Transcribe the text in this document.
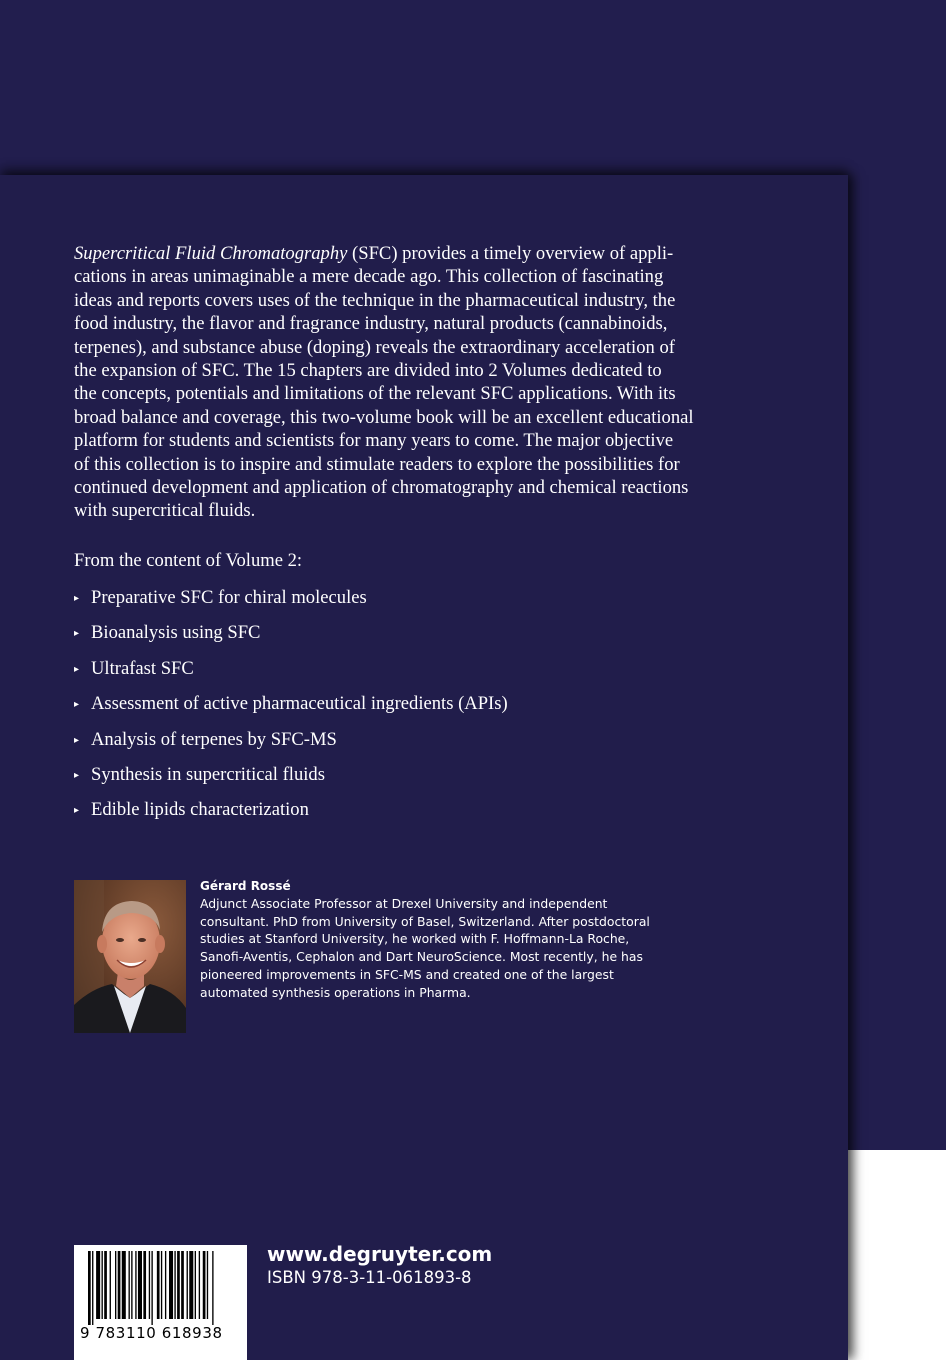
Supercritical Fluid Chromatography (SFC) provides a timely overview of appli-
cations in areas unimaginable a mere decade ago. This collection of fascinating
ideas and reports covers uses of the technique in the pharmaceutical industry, the
food industry, the flavor and fragrance industry, natural products (cannabinoids,
terpenes), and substance abuse (doping) reveals the extraordinary acceleration of
the expansion of SFC. The 15 chapters are divided into 2 Volumes dedicated to
the concepts, potentials and limitations of the relevant SFC applications. With its
broad balance and coverage, this two-volume book will be an excellent educational
platform for students and scientists for many years to come. The major objective
of this collection is to inspire and stimulate readers to explore the possibilities for
continued development and application of chromatography and chemical reactions
with supercritical fluids.

From the content of Volume 2:

▸ Preparative SFC for chiral molecules
▸ Bioanalysis using SFC
▸ Ultrafast SFC
▸ Assessment of active pharmaceutical ingredients (APIs)
▸ Analysis of terpenes by SFC-MS
▸ Synthesis in supercritical fluids
▸ Edible lipids characterization

Gérard Rossé

Adjunct Associate Professor at Drexel University and independent
consultant. PhD from University of Basel, Switzerland. After postdoctoral
studies at Stanford University, he worked with F. Hoffmann-La Roche,
Sanofi-Aventis, Cephalon and Dart NeuroScience. Most recently, he has
pioneered improvements in SFC-MS and created one of the largest
automated synthesis operations in Pharma.

9 783110 618938

www.degruyter.com

ISBN 978-3-11-061893-8
